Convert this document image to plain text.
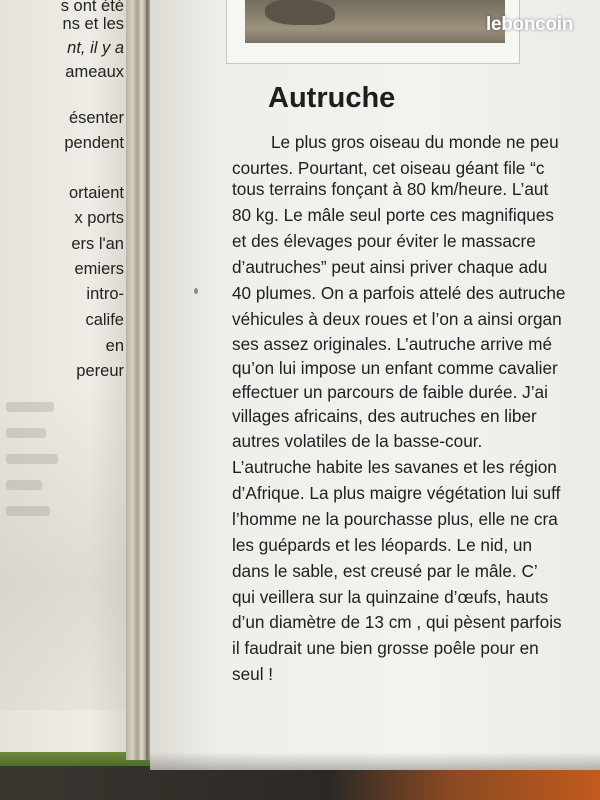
s ont été
ns et les
nt, il y a
ameaux
ésenter
pendent
ortaient
x ports
ers l'an
emiers
intro-
calife
en
pereur
Autruche
Le plus gros oiseau du monde ne peu
courtes. Pourtant, cet oiseau géant file “c
tous terrains fonçant à 80 km/heure. L’aut
80 kg. Le mâle seul porte ces magnifiques
et des élevages pour éviter le massacre
d’autruches” peut ainsi priver chaque adu
40 plumes. On a parfois attelé des autruche
véhicules à deux roues et l’on a ainsi organ
ses assez originales. L’autruche arrive mé
qu’on lui impose un enfant comme cavalier
effectuer un parcours de faible durée. J’ai
villages africains, des autruches en liber
autres volatiles de la basse-cour.
L’autruche habite les savanes et les région
d’Afrique. La plus maigre végétation lui suff
l’homme ne la pourchasse plus, elle ne cra
les guépards et les léopards. Le nid, un
dans le sable, est creusé par le mâle. C’
qui veillera sur la quinzaine d’œufs, hauts
d’un diamètre de 13 cm , qui pèsent parfois
il faudrait une bien grosse poêle pour en
seul !
leboncoin
